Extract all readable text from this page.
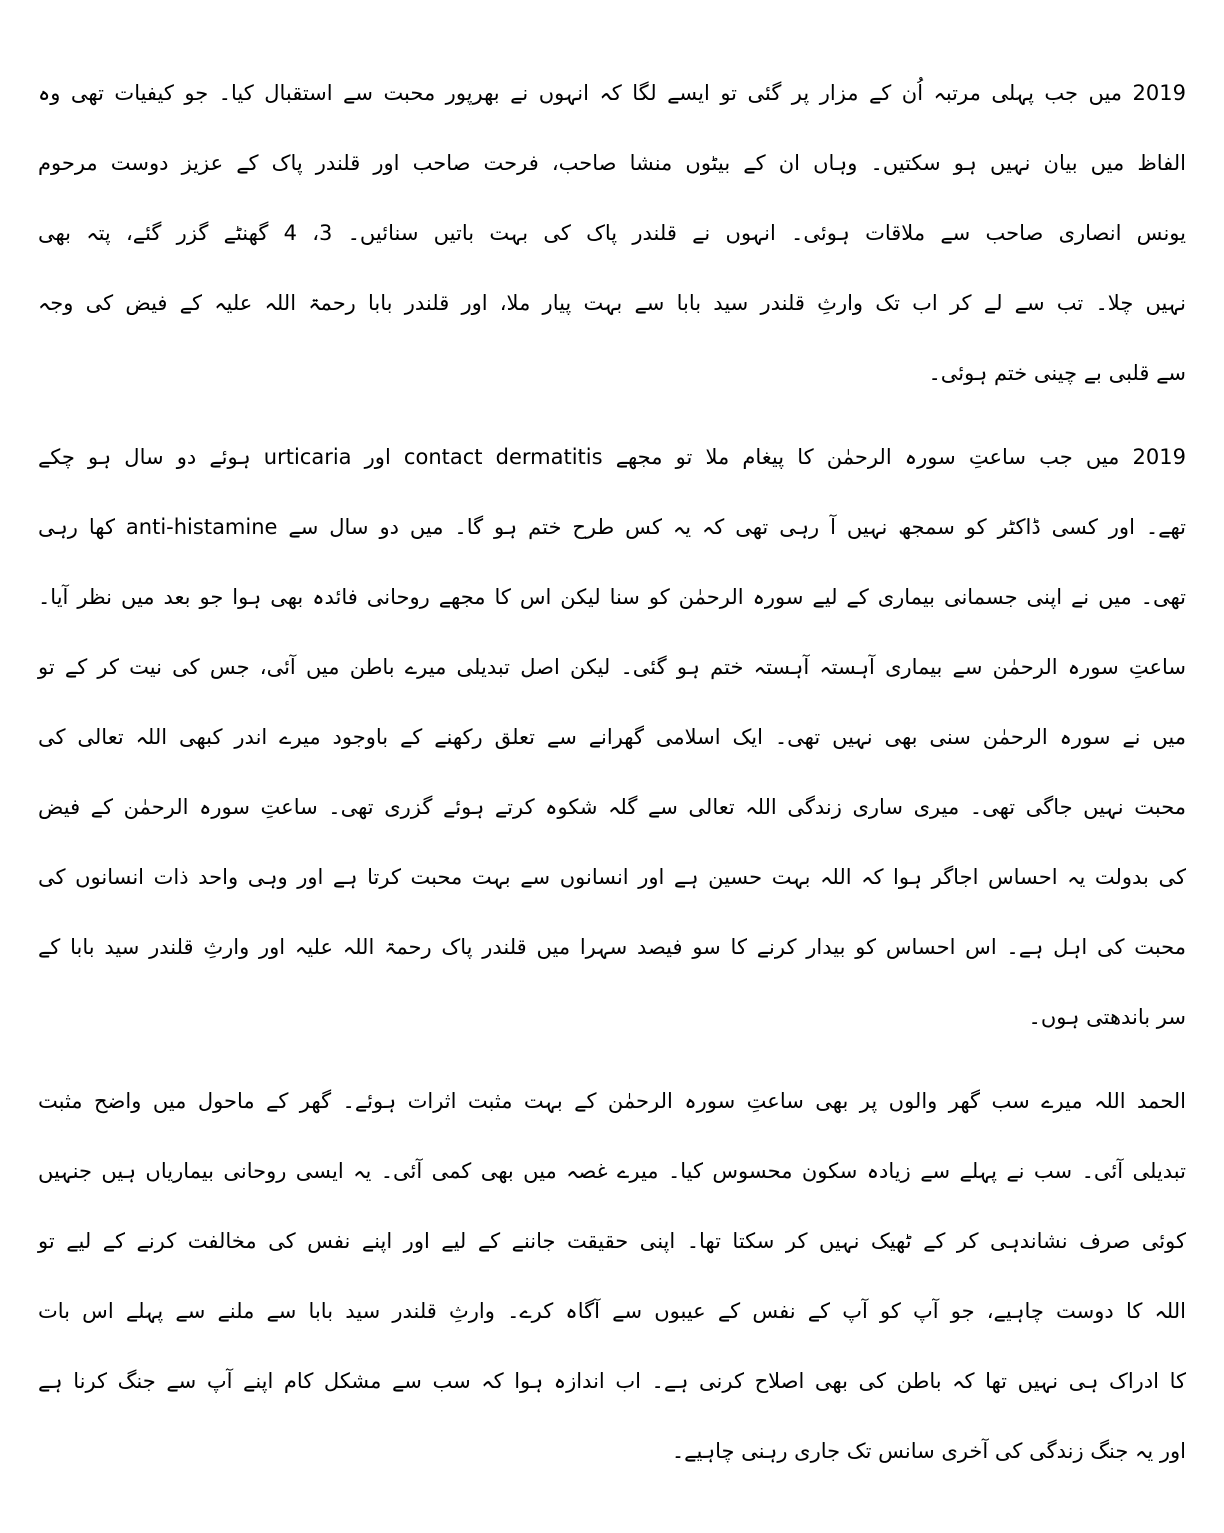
2019 میں جب پہلی مرتبہ اُن کے مزار پر گئی تو ایسے لگا کہ انہوں نے بھرپور محبت سے استقبال کیا۔ جو کیفیات تھی وہ
الفاظ میں بیان نہیں ہو سکتیں۔ وہاں ان کے بیٹوں منشا صاحب، فرحت صاحب اور قلندر پاک کے عزیز دوست مرحوم
یونس انصاری صاحب سے ملاقات ہوئی۔ انہوں نے قلندر پاک کی بہت باتیں سنائیں۔ 3، 4 گھنٹے گزر گئے، پتہ بھی
نہیں چلا۔ تب سے لے کر اب تک وارثِ قلندر سید بابا سے بہت پیار ملا، اور قلندر بابا رحمۃ اللہ علیہ کے فیض کی وجہ
سے قلبی بے چینی ختم ہوئی۔
2019 میں جب ساعتِ سورہ الرحمٰن کا پیغام ملا تو مجھے contact dermatitis اور urticaria ہوئے دو سال ہو چکے
تھے۔ اور کسی ڈاکٹر کو سمجھ نہیں آ رہی تھی کہ یہ کس طرح ختم ہو گا۔ میں دو سال سے anti-histamine کھا رہی
تھی۔ میں نے اپنی جسمانی بیماری کے لیے سورہ الرحمٰن کو سنا لیکن اس کا مجھے روحانی فائدہ بھی ہوا جو بعد میں نظر آیا۔
ساعتِ سورہ الرحمٰن سے بیماری آہستہ آہستہ ختم ہو گئی۔ لیکن اصل تبدیلی میرے باطن میں آئی، جس کی نیت کر کے تو
میں نے سورہ الرحمٰن سنی بھی نہیں تھی۔ ایک اسلامی گھرانے سے تعلق رکھنے کے باوجود میرے اندر کبھی اللہ تعالی کی
محبت نہیں جاگی تھی۔ میری ساری زندگی اللہ تعالی سے گلہ شکوہ کرتے ہوئے گزری تھی۔ ساعتِ سورہ الرحمٰن کے فیض
کی بدولت یہ احساس اجاگر ہوا کہ اللہ بہت حسین ہے اور انسانوں سے بہت محبت کرتا ہے اور وہی واحد ذات انسانوں کی
محبت کی اہل ہے۔ اس احساس کو بیدار کرنے کا سو فیصد سہرا میں قلندر پاک رحمۃ اللہ علیہ اور وارثِ قلندر سید بابا کے
سر باندھتی ہوں۔
الحمد اللہ میرے سب گھر والوں پر بھی ساعتِ سورہ الرحمٰن کے بہت مثبت اثرات ہوئے۔ گھر کے ماحول میں واضح مثبت
تبدیلی آئی۔ سب نے پہلے سے زیادہ سکون محسوس کیا۔ میرے غصہ میں بھی کمی آئی۔ یہ ایسی روحانی بیماریاں ہیں جنہیں
کوئی صرف نشاندہی کر کے ٹھیک نہیں کر سکتا تھا۔ اپنی حقیقت جاننے کے لیے اور اپنے نفس کی مخالفت کرنے کے لیے تو
اللہ کا دوست چاہیے، جو آپ کو آپ کے نفس کے عیبوں سے آگاہ کرے۔ وارثِ قلندر سید بابا سے ملنے سے پہلے اس بات
کا ادراک ہی نہیں تھا کہ باطن کی بھی اصلاح کرنی ہے۔ اب اندازہ ہوا کہ سب سے مشکل کام اپنے آپ سے جنگ کرنا ہے
اور یہ جنگ زندگی کی آخری سانس تک جاری رہنی چاہیے۔
